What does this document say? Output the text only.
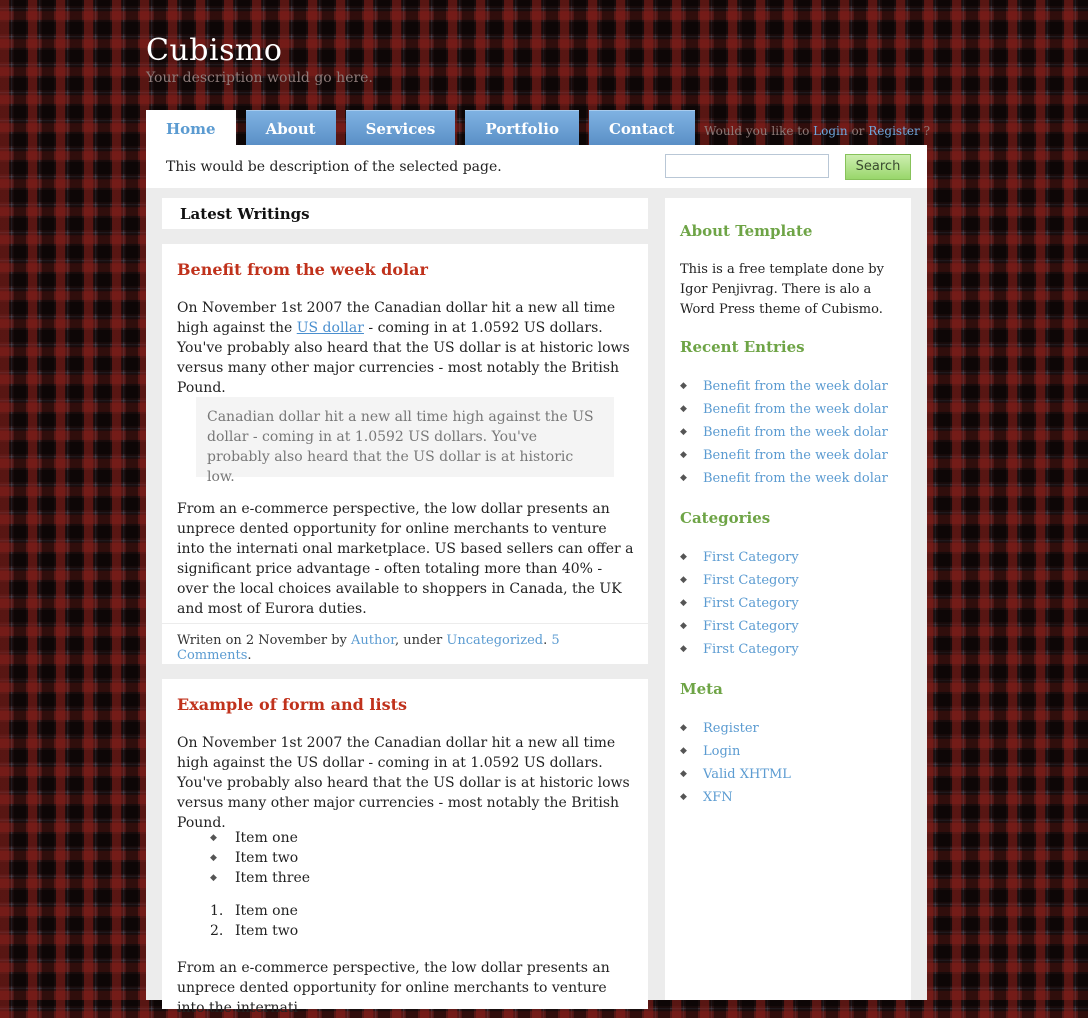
Cubismo
Your description would go here.
Home	About	Services	Portfolio	Contact	Would you like to Login or Register ?
This would be description of the selected page.	Search
Latest Writings
Benefit from the week dolar

On November 1st 2007 the Canadian dollar hit a new all time high against the US dollar - coming in at 1.0592 US dollars. You've probably also heard that the US dollar is at historic lows versus many other major currencies - most notably the British Pound.

Canadian dollar hit a new all time high against the US dollar - coming in at 1.0592 US dollars. You've probably also heard that the US dollar is at historic low.

From an e-commerce perspective, the low dollar presents an unprece dented opportunity for online merchants to venture into the internati onal marketplace. US based sellers can offer a significant price advantage - often totaling more than 40% - over the local choices available to shoppers in Canada, the UK and most of Eurora duties.

Writen on 2 November by Author, under Uncategorized. 5 Comments.
Example of form and lists

On November 1st 2007 the Canadian dollar hit a new all time high against the US dollar - coming in at 1.0592 US dollars. You've probably also heard that the US dollar is at historic lows versus many other major currencies - most notably the British Pound.

◆ Item one
◆ Item two
◆ Item three
1. Item one
2. Item two

From an e-commerce perspective, the low dollar presents an unprece dented opportunity for online merchants to venture into the internati

About Template
This is a free template done by Igor Penjivrag. There is alo a Word Press theme of Cubismo.
Recent Entries
◆ Benefit from the week dolar
◆ Benefit from the week dolar
◆ Benefit from the week dolar
◆ Benefit from the week dolar
◆ Benefit from the week dolar
Categories
◆ First Category
◆ First Category
◆ First Category
◆ First Category
◆ First Category
Meta
◆ Register
◆ Login
◆ Valid XHTML
◆ XFN
